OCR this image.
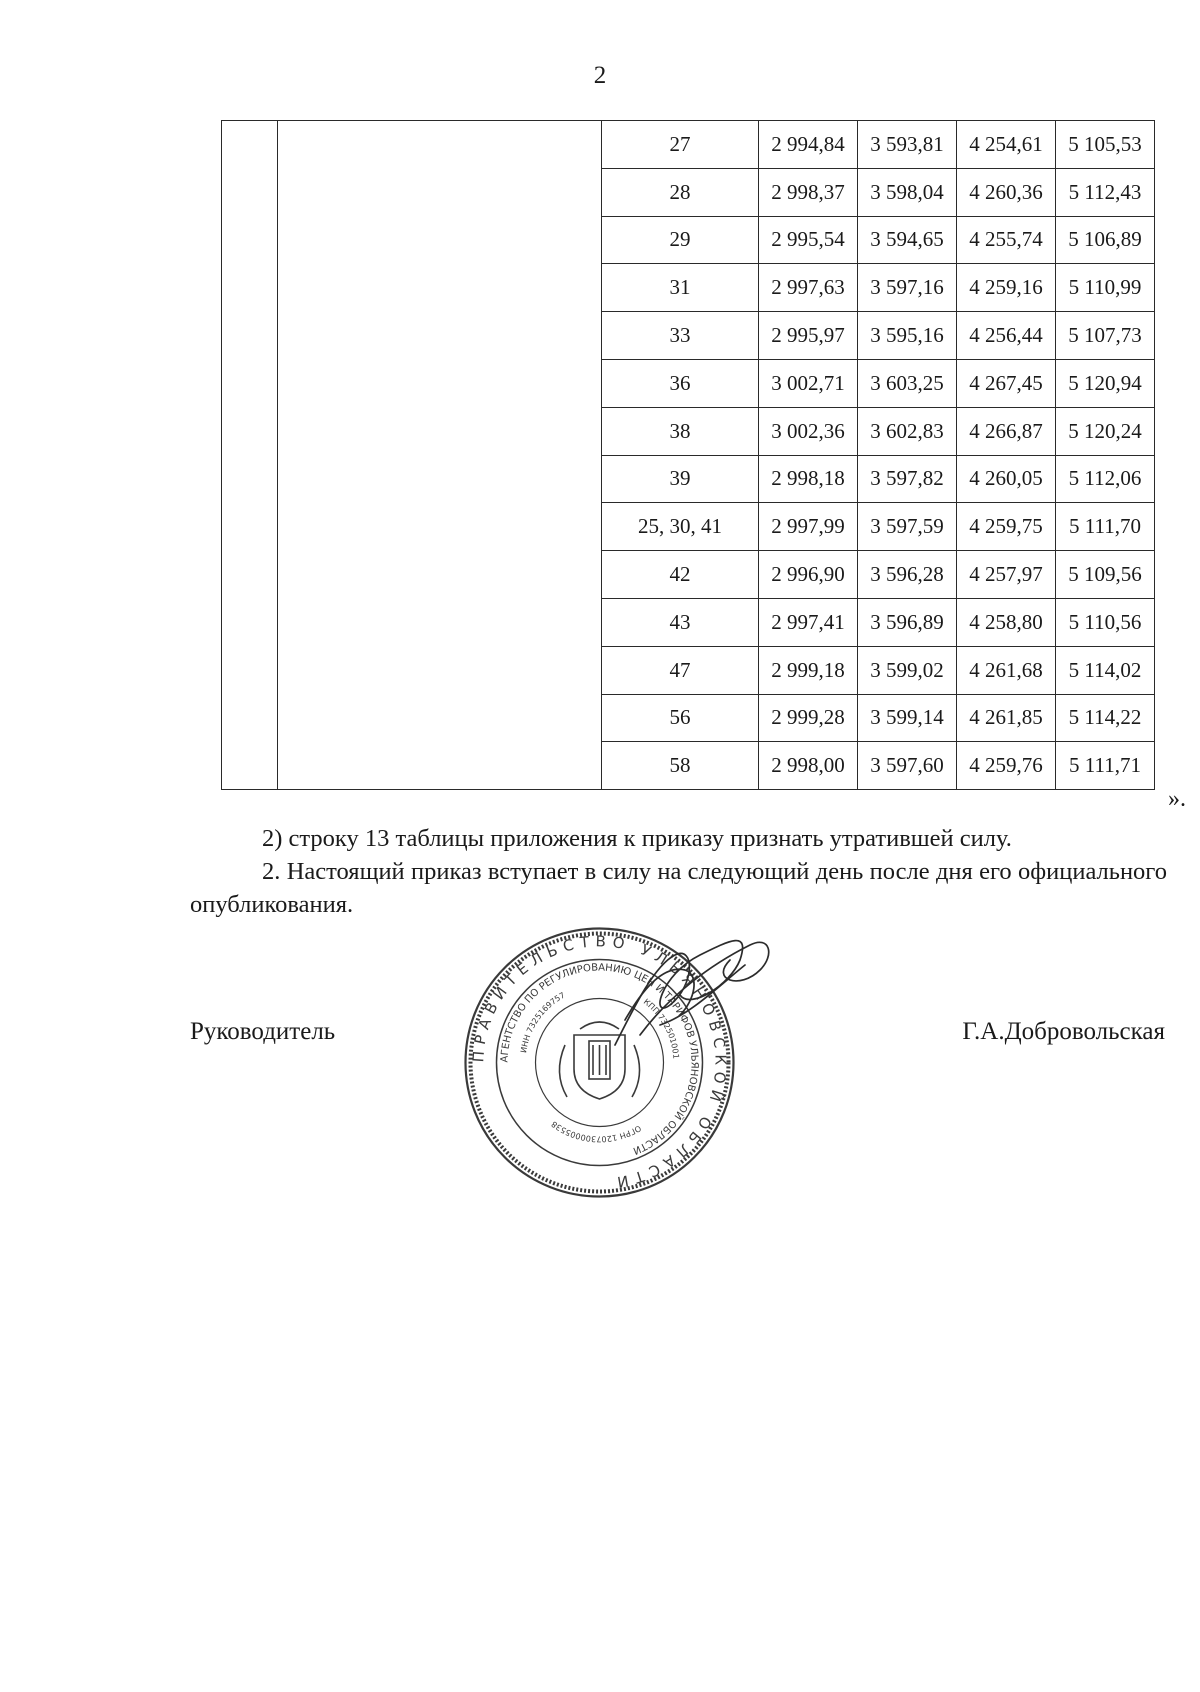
2
		27	2 994,84	3 593,81	4 254,61	5 105,53
		28	2 998,37	3 598,04	4 260,36	5 112,43
		29	2 995,54	3 594,65	4 255,74	5 106,89
		31	2 997,63	3 597,16	4 259,16	5 110,99
		33	2 995,97	3 595,16	4 256,44	5 107,73
		36	3 002,71	3 603,25	4 267,45	5 120,94
		38	3 002,36	3 602,83	4 266,87	5 120,24
		39	2 998,18	3 597,82	4 260,05	5 112,06
		25, 30, 41	2 997,99	3 597,59	4 259,75	5 111,70
		42	2 996,90	3 596,28	4 257,97	5 109,56
		43	2 997,41	3 596,89	4 258,80	5 110,56
		47	2 999,18	3 599,02	4 261,68	5 114,02
		56	2 999,28	3 599,14	4 261,85	5 114,22
		58	2 998,00	3 597,60	4 259,76	5 111,71
».

2) строку 13 таблицы приложения к приказу признать утратившей силу.

2. Настоящий приказ вступает в силу на следующий день после дня его официального опубликования.

Руководитель	Г.А.Добровольская
ПРАВИТЕЛЬСТВО УЛЬЯНОВСКОЙ ОБЛАСТИ
АГЕНТСТВО ПО РЕГУЛИРОВАНИЮ ЦЕН И ТАРИФОВ УЛЬЯНОВСКОЙ ОБЛАСТИ
ИНН 7325169757
КПП 732501001
ОГРН 1207300005538
